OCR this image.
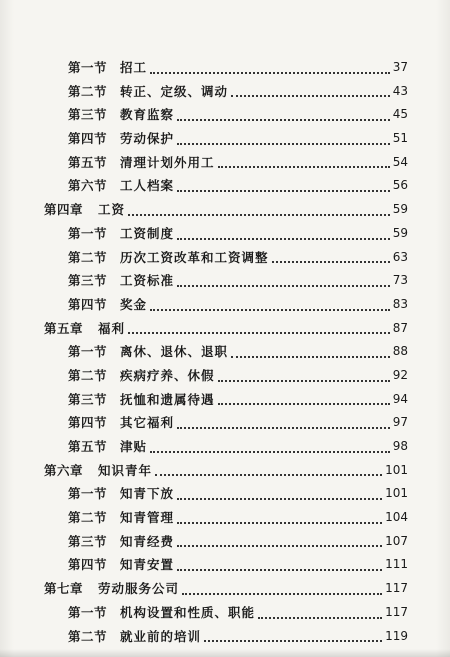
第一节 招工	37
第二节 转正、定级、调动	43
第三节 教育监察	45
第四节 劳动保护	51
第五节 清理计划外用工	54
第六节 工人档案	56
第四章 工资	59
第一节 工资制度	59
第二节 历次工资改革和工资调整	63
第三节 工资标准	73
第四节 奖金	83
第五章 福利	87
第一节 离休、退休、退职	88
第二节 疾病疗养、休假	92
第三节 抚恤和遗属待遇	94
第四节 其它福利	97
第五节 津贴	98
第六章 知识青年	101
第一节 知青下放	101
第二节 知青管理	104
第三节 知青经费	107
第四节 知青安置	111
第七章 劳动服务公司	117
第一节 机构设置和性质、职能	117
第二节 就业前的培训	119
